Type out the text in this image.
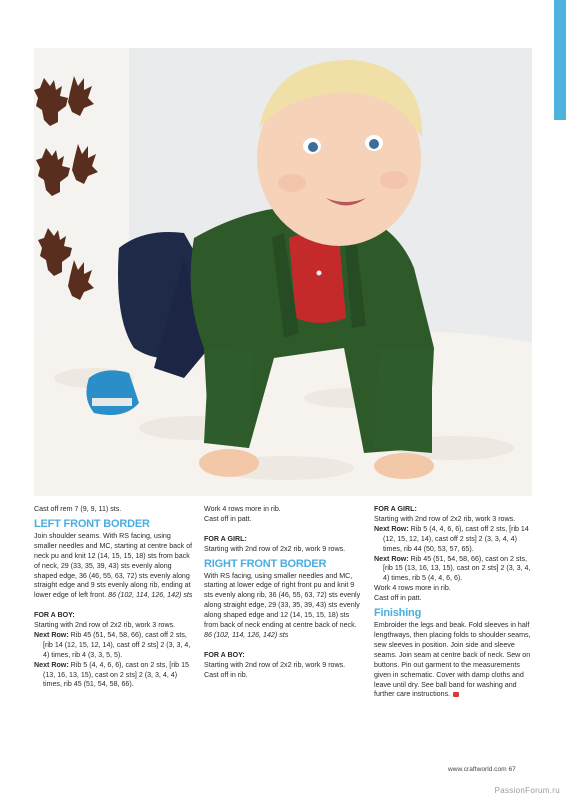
Cast off rem 7 (9, 9, 11) sts.

LEFT FRONT BORDER

Join shoulder seams. With RS facing, using smaller needles and MC, starting at centre back of neck pu and knit 12 (14, 15, 15, 18) sts from back of neck, 29 (33, 35, 39, 43) sts evenly along shaped edge, 36 (46, 55, 63, 72) sts evenly along straight edge and 9 sts evenly along rib, ending at lower edge of left front. 86 (102, 114, 126, 142) sts

FOR A BOY:

Starting with 2nd row of 2x2 rib, work 3 rows.

Next Row: Rib 45 (51, 54, 58, 66), cast off 2 sts, [rib 14 (12, 15, 12, 14), cast off 2 sts] 2 (3, 3, 4, 4) times, rib 4 (3, 3, 5, 5).

Next Row: Rib 5 (4, 4, 6, 6), cast on 2 sts, [rib 15 (13, 16, 13, 15), cast on 2 sts] 2 (3, 3, 4, 4) times, rib 45 (51, 54, 58, 66).

Work 4 rows more in rib.

Cast off in patt.

FOR A GIRL:

Starting with 2nd row of 2x2 rib, work 9 rows.

RIGHT FRONT BORDER

With RS facing, using smaller needles and MC, starting at lower edge of right front pu and knit 9 sts evenly along rib, 36 (46, 55, 63, 72) sts evenly along straight edge, 29 (33, 35, 39, 43) sts evenly along shaped edge and 12 (14, 15, 15, 18) sts from back of neck ending at centre back of neck. 86 (102, 114, 126, 142) sts

FOR A BOY:

Starting with 2nd row of 2x2 rib, work 9 rows.

Cast off in rib.

FOR A GIRL:

Starting with 2nd row of 2x2 rib, work 3 rows.

Next Row: Rib 5 (4, 4, 6, 6), cast off 2 sts, [rib 14 (12, 15, 12, 14), cast off 2 sts] 2 (3, 3, 4, 4) times, rib 44 (50, 53, 57, 65).

Next Row: Rib 45 (51, 54, 58, 66), cast on 2 sts, [rib 15 (13, 16, 13, 15), cast on 2 sts] 2 (3, 3, 4, 4) times, rib 5 (4, 4, 6, 6).

Work 4 rows more in rib.

Cast off in patt.

Finishing

Embroider the legs and beak. Fold sleeves in half lengthways, then placing folds to shoulder seams, sew sleeves in position. Join side and sleeve seams. Join seam at centre back of neck. Sew on buttons. Pin out garment to the measurements given in schematic. Cover with damp cloths and leave until dry. See ball band for washing and further care instructions.

www.craftworld.com 67
PassionForum.ru
